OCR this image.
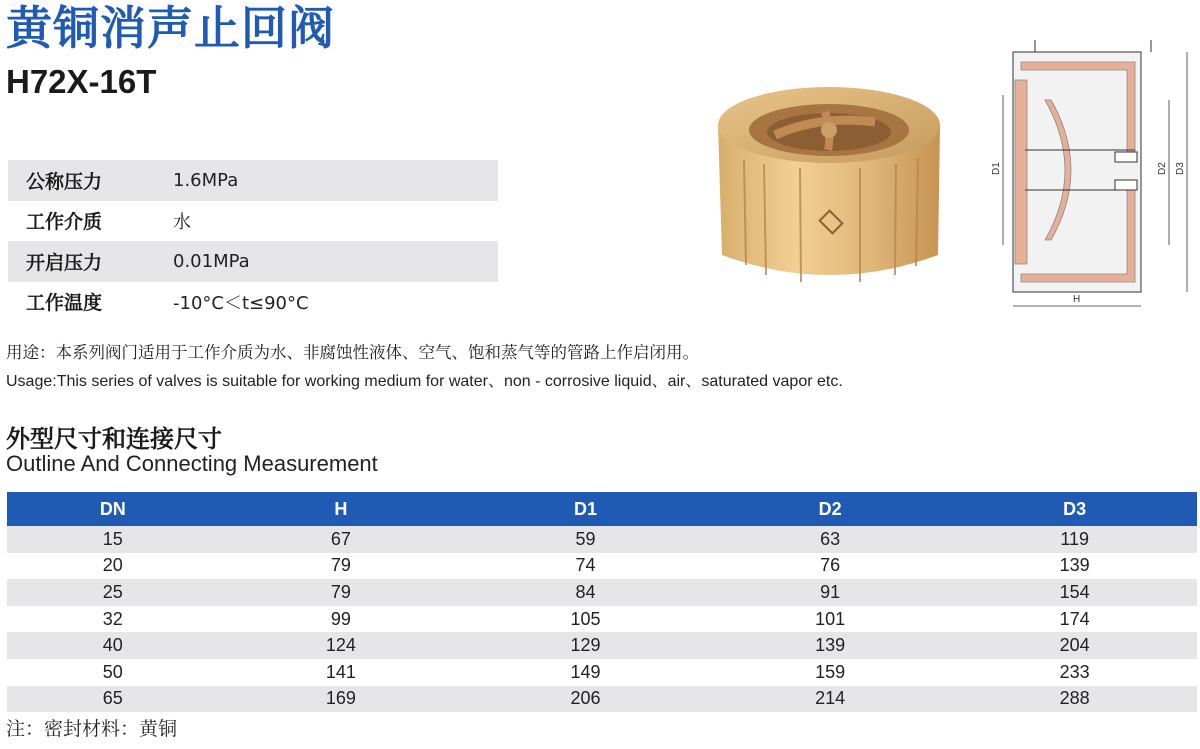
黄铜消声止回阀
H72X-16T
公称压力	1.6MPa
工作介质	水
开启压力	0.01MPa
工作温度	-10°C＜t≤90°C
D1	D2 D3
H
用途：本系列阀门适用于工作介质为水、非腐蚀性液体、空气、饱和蒸气等的管路上作启闭用。
Usage:This series of valves is suitable for working medium for water、non - corrosive liquid、air、saturated vapor etc.
外型尺寸和连接尺寸
Outline And Connecting Measurement
DN	H	D1	D2	D3
15	67	59	63	119
20	79	74	76	139
25	79	84	91	154
32	99	105	101	174
40	124	129	139	204
50	141	149	159	233
65	169	206	214	288
注：密封材料：黄铜
